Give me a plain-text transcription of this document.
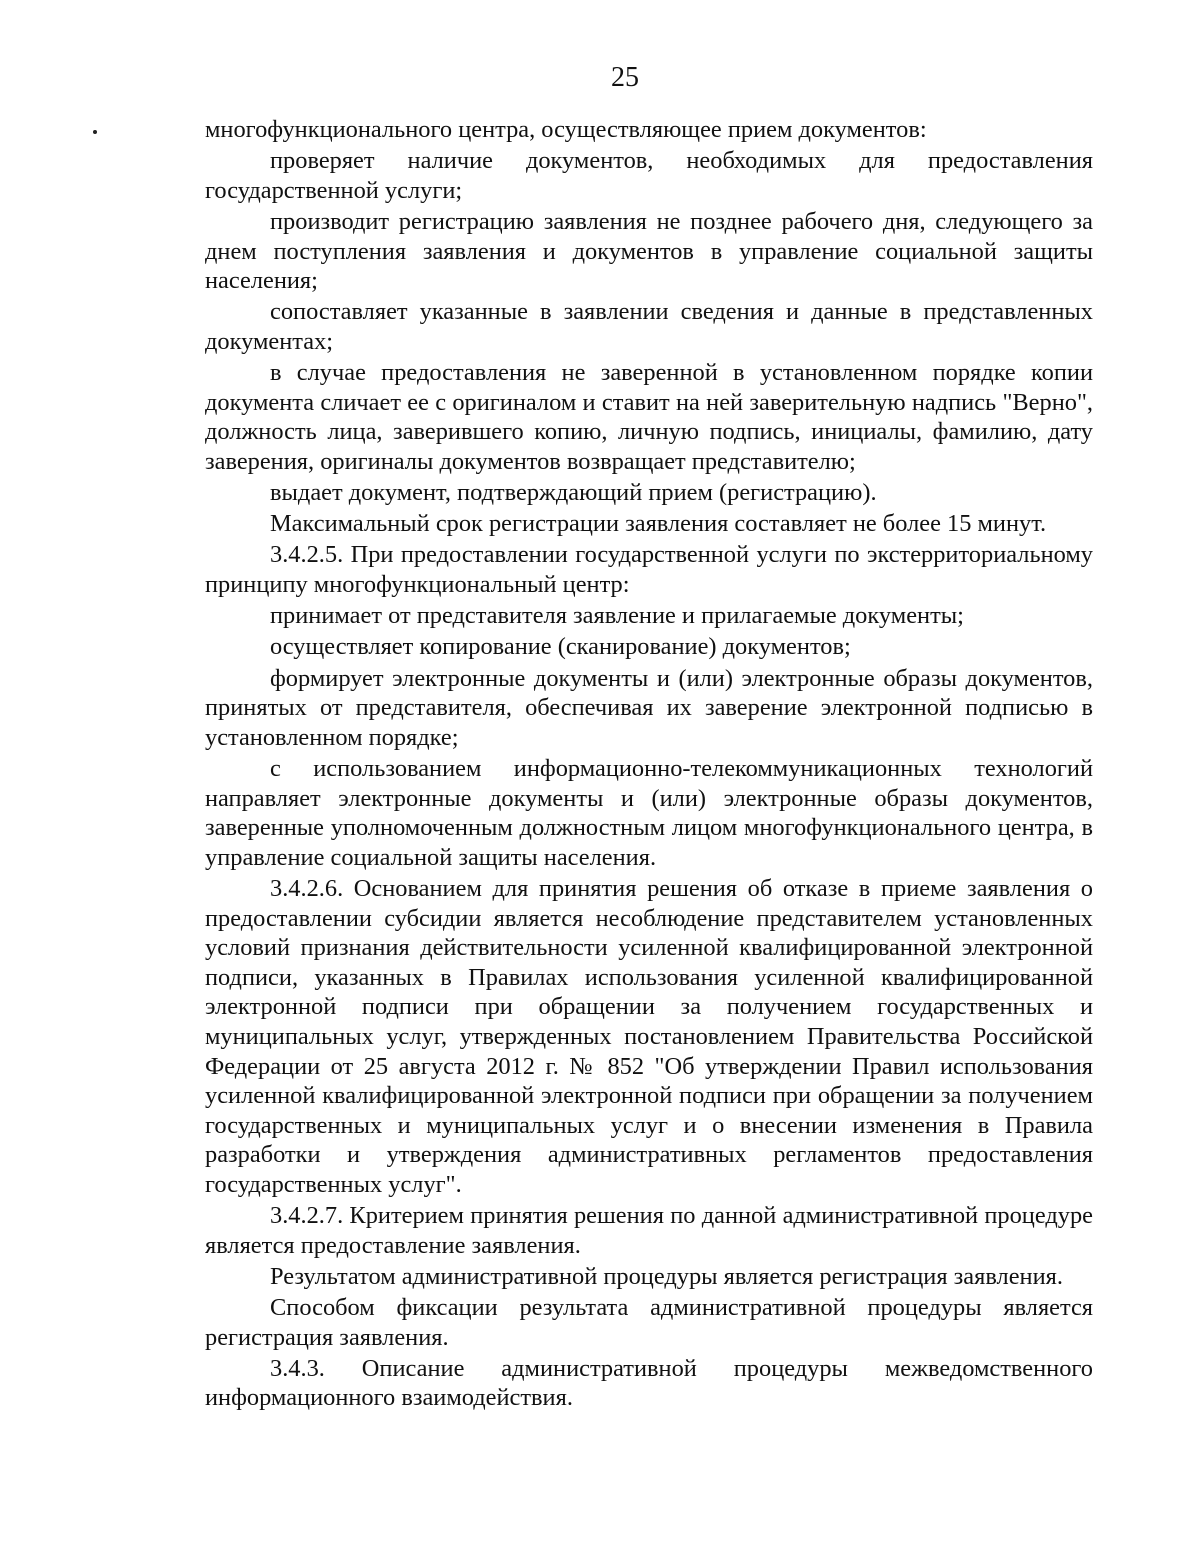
25

многофункционального центра, осуществляющее прием документов:

проверяет наличие документов, необходимых для предоставления государственной услуги;

производит регистрацию заявления не позднее рабочего дня, следующего за днем поступления заявления и документов в управление социальной защиты населения;

сопоставляет указанные в заявлении сведения и данные в представленных документах;

в случае предоставления не заверенной в установленном порядке копии документа сличает ее с оригиналом и ставит на ней заверительную надпись "Верно", должность лица, заверившего копию, личную подпись, инициалы, фамилию, дату заверения, оригиналы документов возвращает представителю;

выдает документ, подтверждающий прием (регистрацию).

Максимальный срок регистрации заявления составляет не более 15 минут.

3.4.2.5. При предоставлении государственной услуги по экстерриториальному принципу многофункциональный центр:

принимает от представителя заявление и прилагаемые документы;

осуществляет копирование (сканирование) документов;

формирует электронные документы и (или) электронные образы документов, принятых от представителя, обеспечивая их заверение электронной подписью в установленном порядке;

с использованием информационно-телекоммуникационных технологий направляет электронные документы и (или) электронные образы документов, заверенные уполномоченным должностным лицом многофункционального центра, в управление социальной защиты населения.

3.4.2.6. Основанием для принятия решения об отказе в приеме заявления о предоставлении субсидии является несоблюдение представителем установленных условий признания действительности усиленной квалифицированной электронной подписи, указанных в Правилах использования усиленной квалифицированной электронной подписи при обращении за получением государственных и муниципальных услуг, утвержденных постановлением Правительства Российской Федерации от 25 августа 2012 г. № 852 "Об утверждении Правил использования усиленной квалифицированной электронной подписи при обращении за получением государственных и муниципальных услуг и о внесении изменения в Правила разработки и утверждения административных регламентов предоставления государственных услуг".

3.4.2.7. Критерием принятия решения по данной административной процедуре является предоставление заявления.

Результатом административной процедуры является регистрация заявления.

Способом фиксации результата административной процедуры является регистрация заявления.

3.4.3. Описание административной процедуры межведомственного информационного взаимодействия.
